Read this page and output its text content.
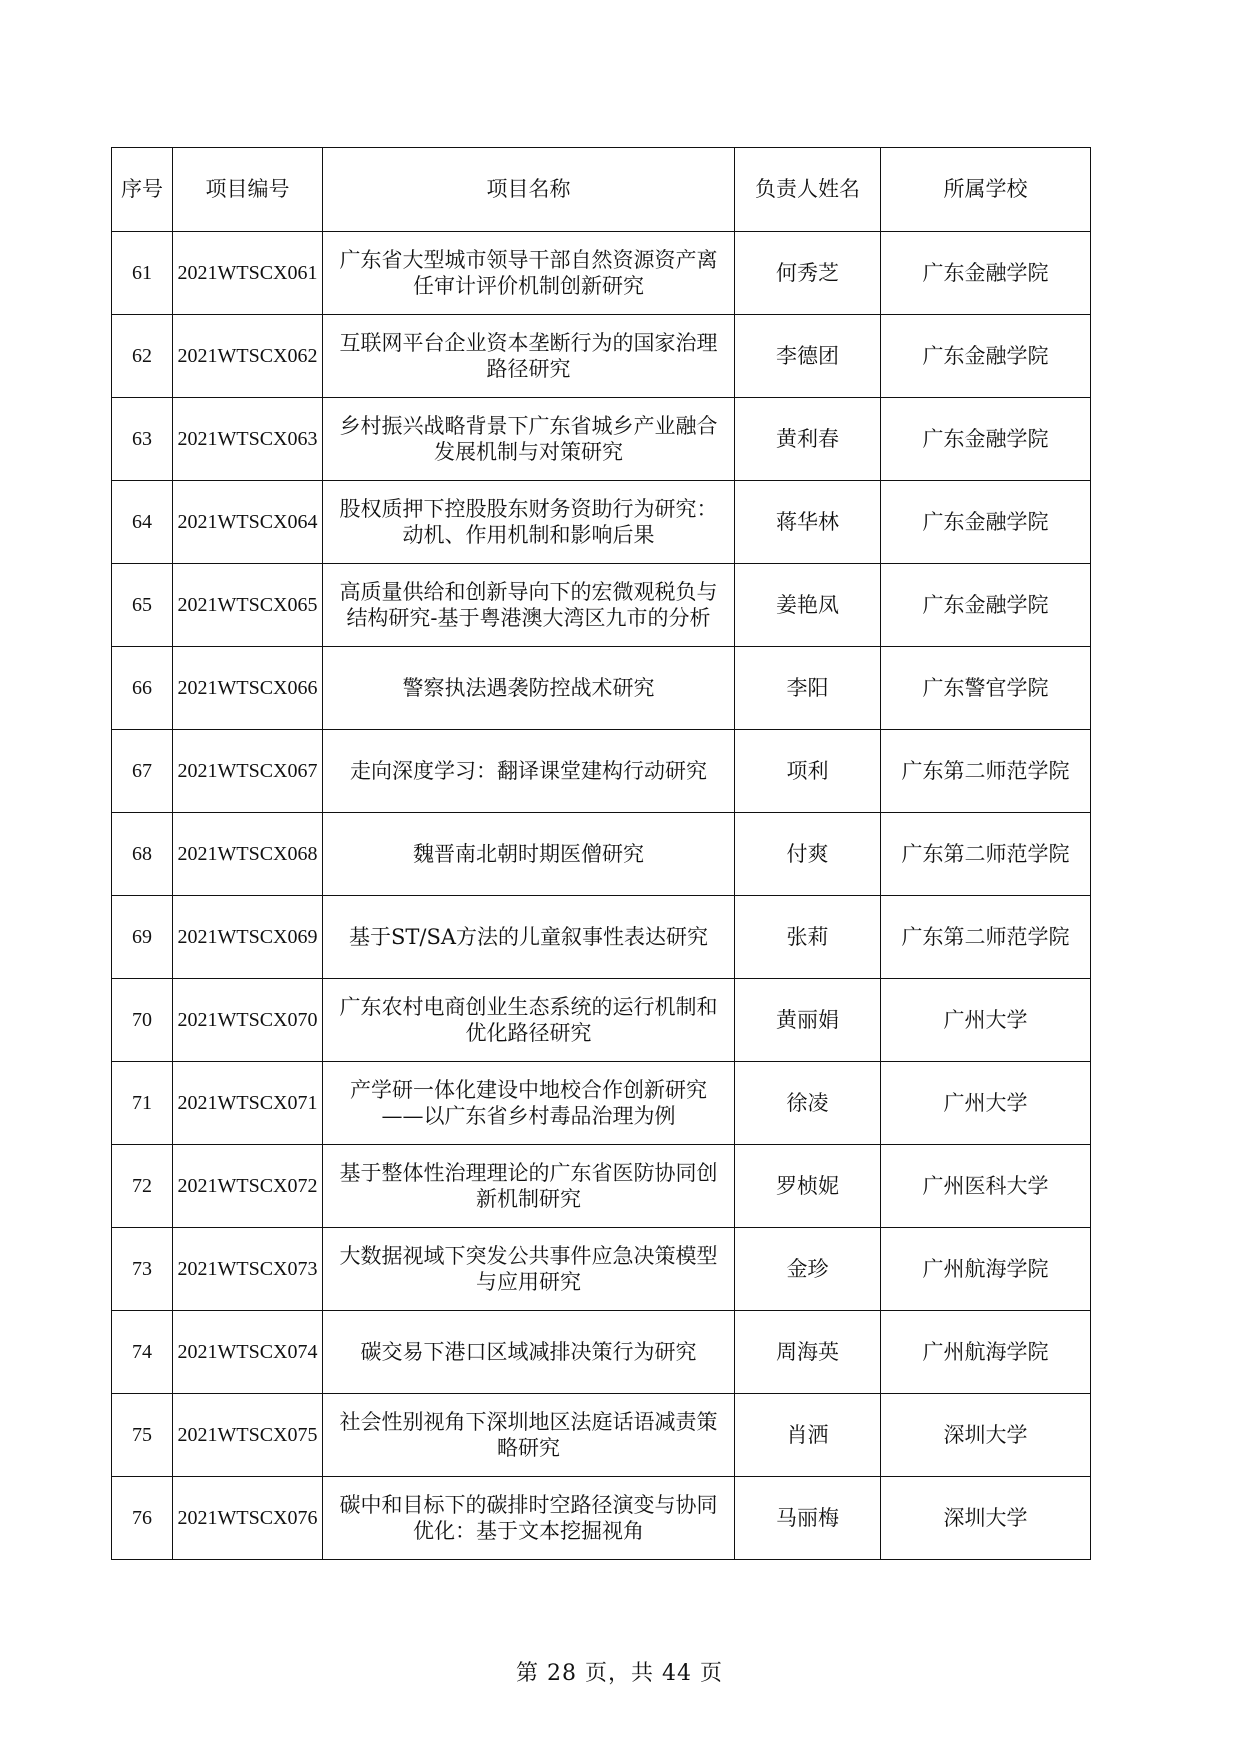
序号	项目编号	项目名称	负责人姓名	所属学校
61	2021WTSCX061	广东省大型城市领导干部自然资源资产离任审计评价机制创新研究	何秀芝	广东金融学院
62	2021WTSCX062	互联网平台企业资本垄断行为的国家治理路径研究	李德团	广东金融学院
63	2021WTSCX063	乡村振兴战略背景下广东省城乡产业融合发展机制与对策研究	黄利春	广东金融学院
64	2021WTSCX064	股权质押下控股股东财务资助行为研究：动机、作用机制和影响后果	蒋华林	广东金融学院
65	2021WTSCX065	高质量供给和创新导向下的宏微观税负与结构研究-基于粤港澳大湾区九市的分析	姜艳凤	广东金融学院
66	2021WTSCX066	警察执法遇袭防控战术研究	李阳	广东警官学院
67	2021WTSCX067	走向深度学习：翻译课堂建构行动研究	项利	广东第二师范学院
68	2021WTSCX068	魏晋南北朝时期医僧研究	付爽	广东第二师范学院
69	2021WTSCX069	基于ST/SA方法的儿童叙事性表达研究	张莉	广东第二师范学院
70	2021WTSCX070	广东农村电商创业生态系统的运行机制和优化路径研究	黄丽娟	广州大学
71	2021WTSCX071	产学研一体化建设中地校合作创新研究——以广东省乡村毒品治理为例	徐凌	广州大学
72	2021WTSCX072	基于整体性治理理论的广东省医防协同创新机制研究	罗桢妮	广州医科大学
73	2021WTSCX073	大数据视域下突发公共事件应急决策模型与应用研究	金珍	广州航海学院
74	2021WTSCX074	碳交易下港口区域减排决策行为研究	周海英	广州航海学院
75	2021WTSCX075	社会性别视角下深圳地区法庭话语减责策略研究	肖洒	深圳大学
76	2021WTSCX076	碳中和目标下的碳排时空路径演变与协同优化：基于文本挖掘视角	马丽梅	深圳大学
第 28 页，共 44 页
